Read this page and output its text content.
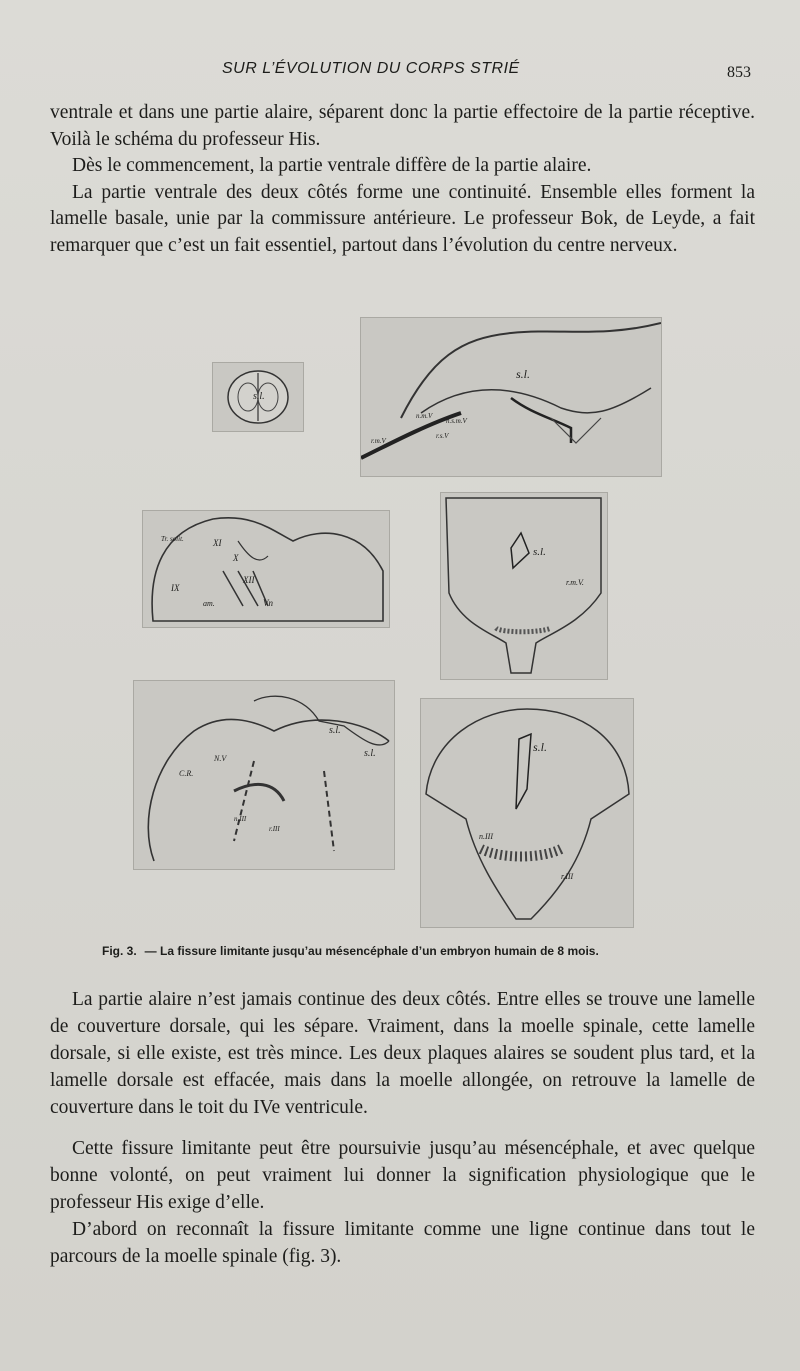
SUR L’ÉVOLUTION DU CORPS STRIÉ	853

ventrale et dans une partie alaire, séparent donc la partie effectoire de la partie réceptive. Voilà le schéma du professeur His.

Dès le commencement, la partie ventrale diffère de la partie alaire.

La partie ventrale des deux côtés forme une continuité. Ensemble elles forment la lamelle basale, unie par la commissure antérieure. Le professeur Bok, de Leyde, a fait remarquer que c’est un fait essentiel, partout dans l’évolution du centre nerveux.

s.l.
s.l.
n.m.V
r.m.V
n.s.m.V
r.s.V
IX
X
XII
XI
Vn
am.
Tr. solit.
s.l.
r.m.V.
s.l.
s.l.
C.R.
N.V
n.III
r.III
s.l.
n.III
r.III
Fig. 3. — La fissure limitante jusqu’au mésencéphale d’un embryon humain de 8 mois.

La partie alaire n’est jamais continue des deux côtés. Entre elles se trouve une lamelle de couverture dorsale, qui les sépare. Vraiment, dans la moelle spinale, cette lamelle dorsale, si elle existe, est très mince. Les deux plaques alaires se soudent plus tard, et la lamelle dorsale est effacée, mais dans la moelle allongée, on retrouve la lamelle de couverture dans le toit du IVe ventricule.

Cette fissure limitante peut être poursuivie jusqu’au mésencéphale, et avec quelque bonne volonté, on peut vraiment lui donner la signification physiologique que le professeur His exige d’elle.

D’abord on reconnaît la fissure limitante comme une ligne continue dans tout le parcours de la moelle spinale (fig. 3).
